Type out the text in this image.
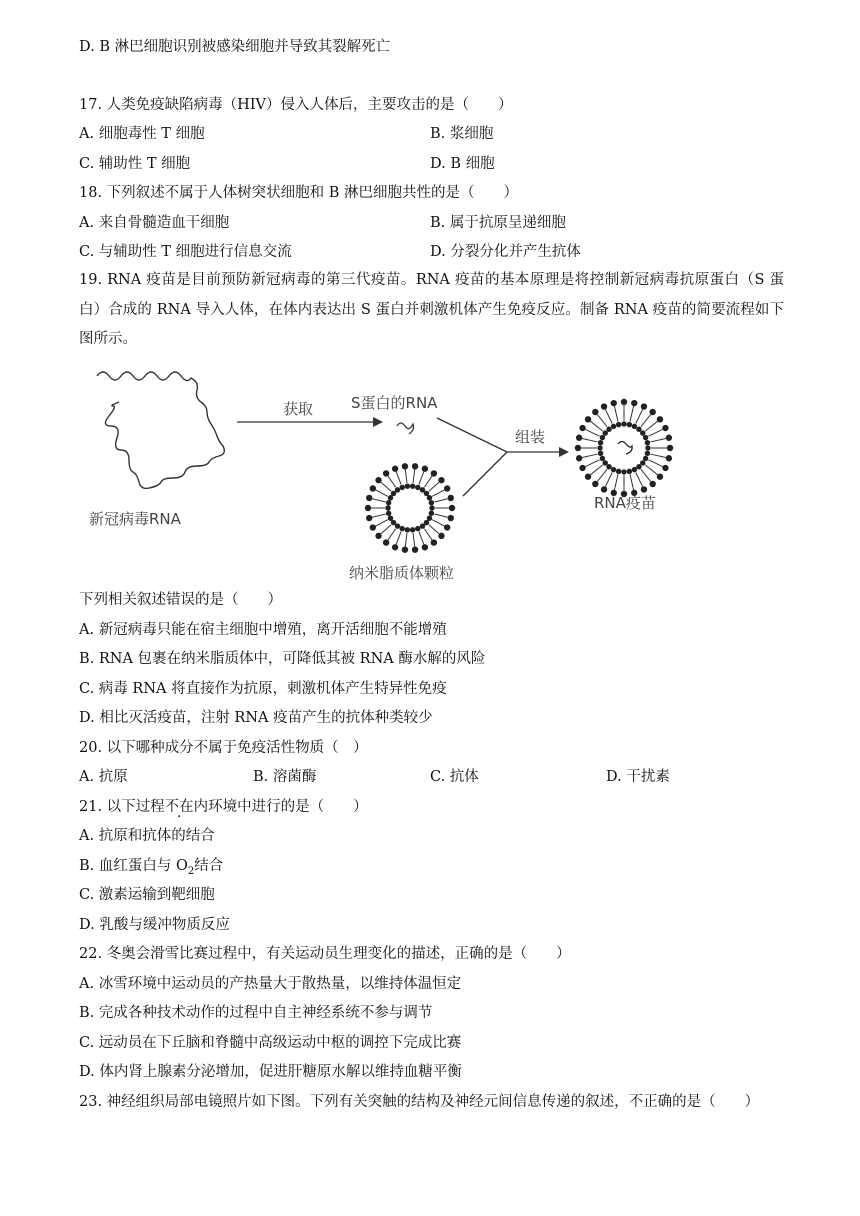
D. B 淋巴细胞识别被感染细胞并导致其裂解死亡
17. 人类免疫缺陷病毒（HIV）侵入人体后，主要攻击的是（　　）
A. 细胞毒性 T 细胞	B. 浆细胞
C. 辅助性 T 细胞	D. B 细胞
18. 下列叙述不属于人体树突状细胞和 B 淋巴细胞共性的是（　　）
A. 来自骨髓造血干细胞	B. 属于抗原呈递细胞
C. 与辅助性 T 细胞进行信息交流	D. 分裂分化并产生抗体
19. RNA 疫苗是目前预防新冠病毒的第三代疫苗。RNA 疫苗的基本原理是将控制新冠病毒抗原蛋白（S 蛋白）合成的 RNA 导入人体，在体内表达出 S 蛋白并刺激机体产生免疫反应。制备 RNA 疫苗的简要流程如下图所示。
新冠病毒RNA
获取	S蛋白的RNA
组装
纳米脂质体颗粒
RNA疫苗
下列相关叙述错误的是（　　）
A. 新冠病毒只能在宿主细胞中增殖，离开活细胞不能增殖
B. RNA 包裹在纳米脂质体中，可降低其被 RNA 酶水解的风险
C. 病毒 RNA 将直接作为抗原，刺激机体产生特异性免疫
D. 相比灭活疫苗，注射 RNA 疫苗产生的抗体种类较少
20. 以下哪种成分不属于免疫活性物质（　）
A. 抗原	B. 溶菌酶	C. 抗体	D. 干扰素
21. 以下过程不在内环境中进行的是（　　）
A. 抗原和抗体的结合
B. 血红蛋白与 $O_2$结合
C. 激素运输到靶细胞
D. 乳酸与缓冲物质反应
22. 冬奥会滑雪比赛过程中，有关运动员生理变化的描述，正确的是（　　）
A. 冰雪环境中运动员的产热量大于散热量，以维持体温恒定
B. 完成各种技术动作的过程中自主神经系统不参与调节
C. 远动员在下丘脑和脊髓中高级运动中枢的调控下完成比赛
D. 体内肾上腺素分泌增加，促进肝糖原水解以维持血糖平衡
23. 神经组织局部电镜照片如下图。下列有关突触的结构及神经元间信息传递的叙述，不正确的是（　　）
